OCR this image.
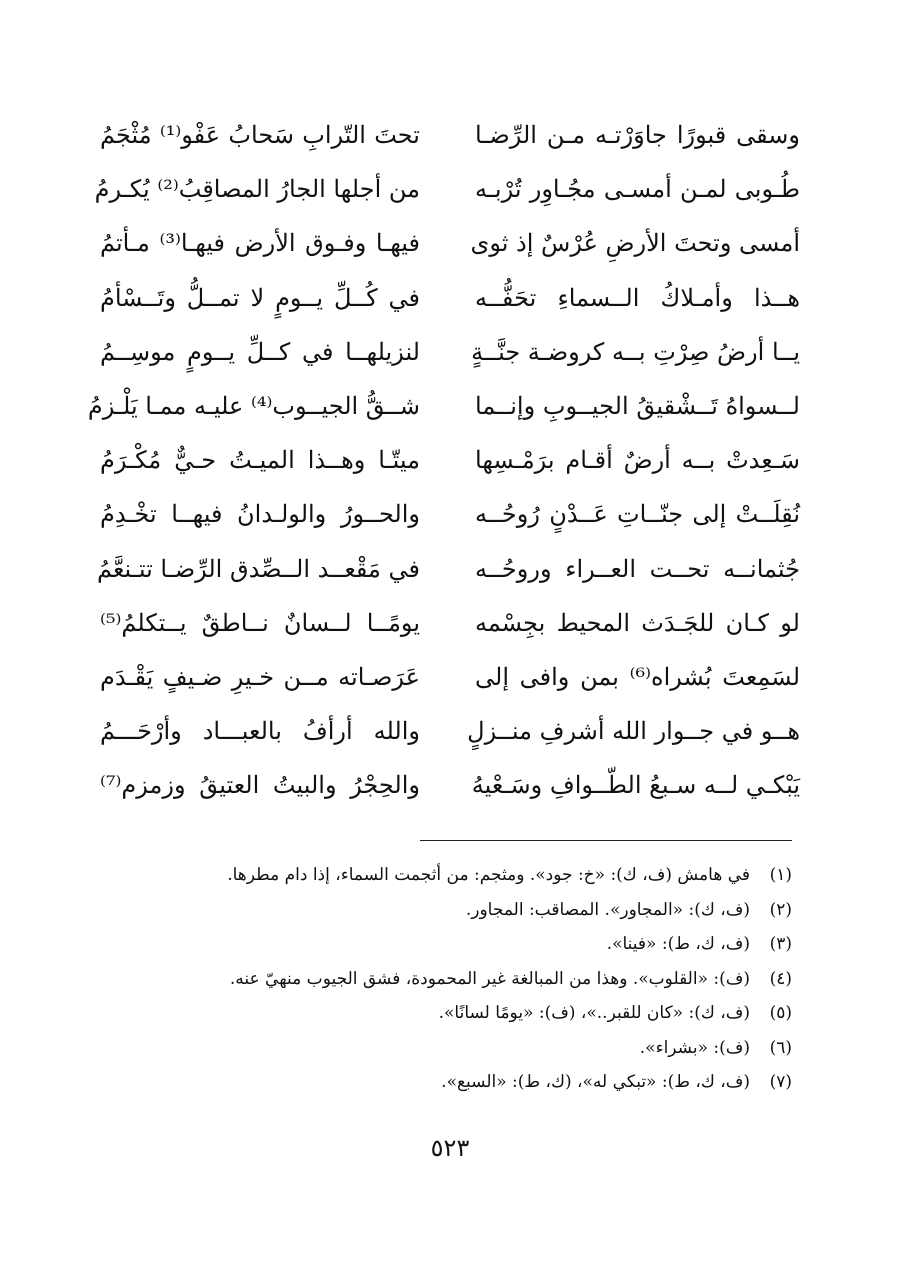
وسقى قبورًا جاوَرْتـه مـن الرِّضـا
تحتَ التّرابِ سَحابُ عَفْو⁽¹⁾ مُثْجَمُ
طُـوبى لمـن أمسـى مجُـاوِر تُرْبـه
من أجلها الجارُ المصاقِبُ⁽²⁾ يُكـرمُ
أمسى وتحتَ الأرضِ عُرْسٌ إذ ثوى
فيهـا وفـوق الأرض فيهـا⁽³⁾ مـأتمُ
هــذا وأمـلاكُ الــسماءِ تحَفُّــه
في كُــلِّ يــومٍ لا تمــلُّ وتَــسْأمُ
يــا أرضُ صِرْتِ بــه كروضـة جنَّــةٍ
لنزيلهــا في كــلِّ يــومٍ موسِــمُ
لــسواهُ تَــشْقيقُ الجيــوبِ وإنــما
شــقُّ الجيــوب⁽⁴⁾ عليـه ممـا يَلْـزمُ
سَـعِدتْ بــه أرضٌ أقـام برَمْـسِها
ميتّـا وهــذا الميـتُ حـيٌّ مُكْـرَمُ
نُقِلَــتْ إلى جنّــاتِ عَــدْنٍ رُوحُــه
والحــورُ والولـدانُ فيهــا تخْـدِمُ
جُثمانــه تحــت العــراء وروحُــه
في مَقْعــد الــصِّدق الرِّضـا تتـنعَّمُ
لو كـان للجَـدَث المحيط بجِسْمه
يومًــا لــسانٌ نــاطقٌ يــتكلمُ⁽⁵⁾
لسَمِعتَ بُشراه⁽⁶⁾ بمن وافى إلى
عَرَصـاته مــن خـيرِ ضـيفٍ يَقْـدَم
هــو في جــوار الله أشرفِ منــزلٍ
والله أرأفُ بالعبـــاد وأرْحَـــمُ
يَبْكـي لــه سـبعُ الطّــوافِ وسَـعْيهُ
والحِجْرُ والبيتُ العتيقُ وزمزم⁽⁷⁾
(١)
في هامش (ف، ك): «خ: جود». ومثجم: من أثجمت السماء، إذا دام مطرها.
(٢)
(ف، ك): «المجاور». المصاقب: المجاور.
(٣)
(ف، ك، ط): «فينا».
(٤)
(ف): «القلوب». وهذا من المبالغة غير المحمودة، فشق الجيوب منهيّ عنه.
(٥)
(ف، ك): «كان للقبر..»، (ف): «يومًا لسانًا».
(٦)
(ف): «بشراء».
(٧)
(ف، ك، ط): «تبكي له»، (ك، ط): «السبع».
٥٢٣
